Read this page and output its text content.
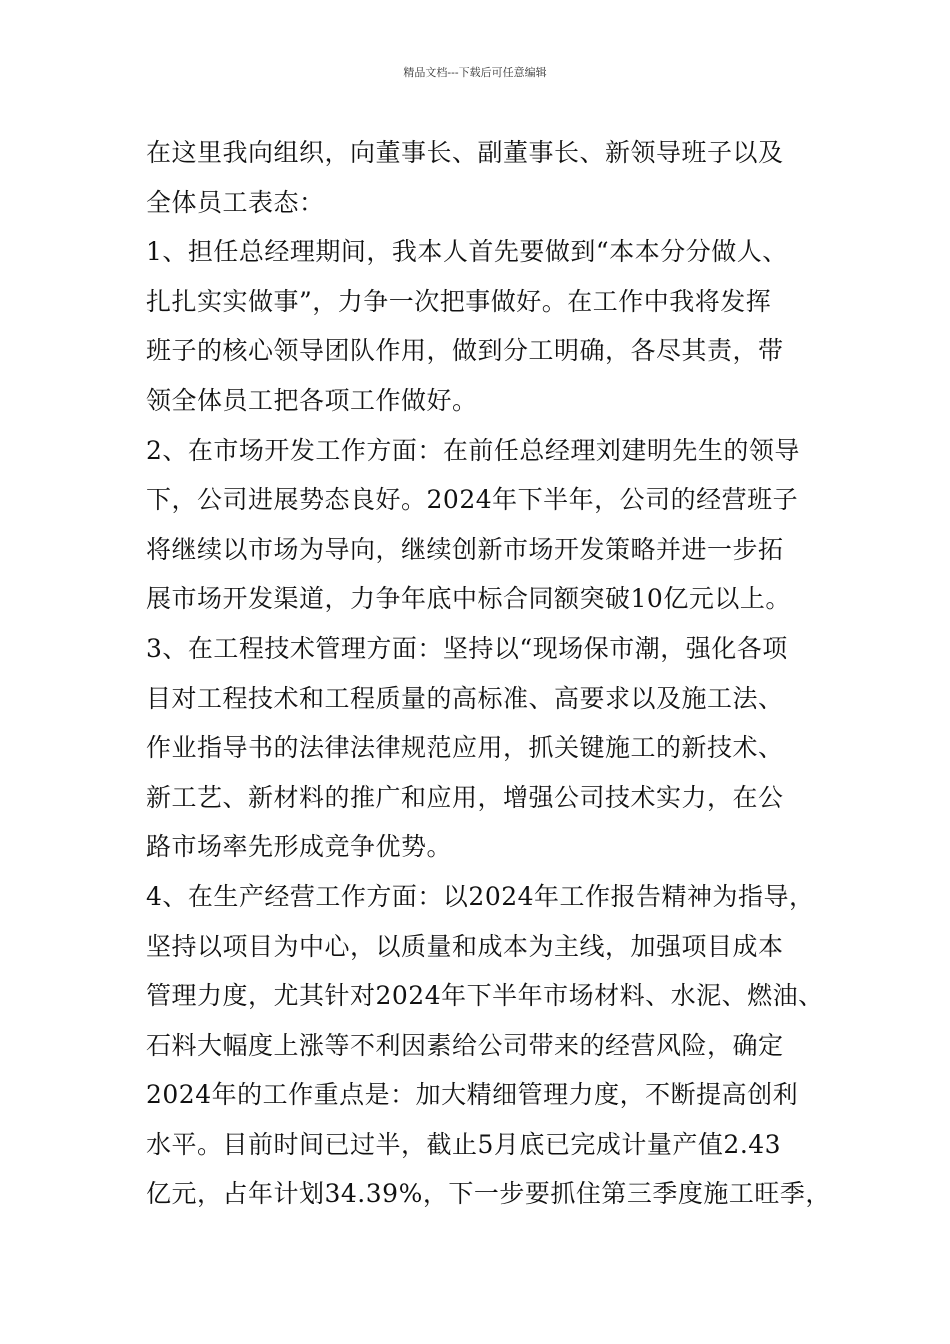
精品文档---下载后可任意编辑
在这里我向组织，向董事长、副董事长、新领导班子以及
全体员工表态：
1、担任总经理期间，我本人首先要做到“本本分分做人、
扎扎实实做事”，力争一次把事做好。在工作中我将发挥
班子的核心领导团队作用，做到分工明确，各尽其责，带
领全体员工把各项工作做好。
2、在市场开发工作方面：在前任总经理刘建明先生的领导
下，公司进展势态良好。2024年下半年，公司的经营班子
将继续以市场为导向，继续创新市场开发策略并进一步拓
展市场开发渠道，力争年底中标合同额突破10亿元以上。
3、在工程技术管理方面：坚持以“现场保市潮，强化各项
目对工程技术和工程质量的高标准、高要求以及施工法、
作业指导书的法律法律规范应用，抓关键施工的新技术、
新工艺、新材料的推广和应用，增强公司技术实力，在公
路市场率先形成竞争优势。
4、在生产经营工作方面：以2024年工作报告精神为指导，
坚持以项目为中心，以质量和成本为主线，加强项目成本
管理力度，尤其针对2024年下半年市场材料、水泥、燃油、
石料大幅度上涨等不利因素给公司带来的经营风险，确定
2024年的工作重点是：加大精细管理力度，不断提高创利
水平。目前时间已过半，截止5月底已完成计量产值2.43
亿元，占年计划34.39%，下一步要抓住第三季度施工旺季，
